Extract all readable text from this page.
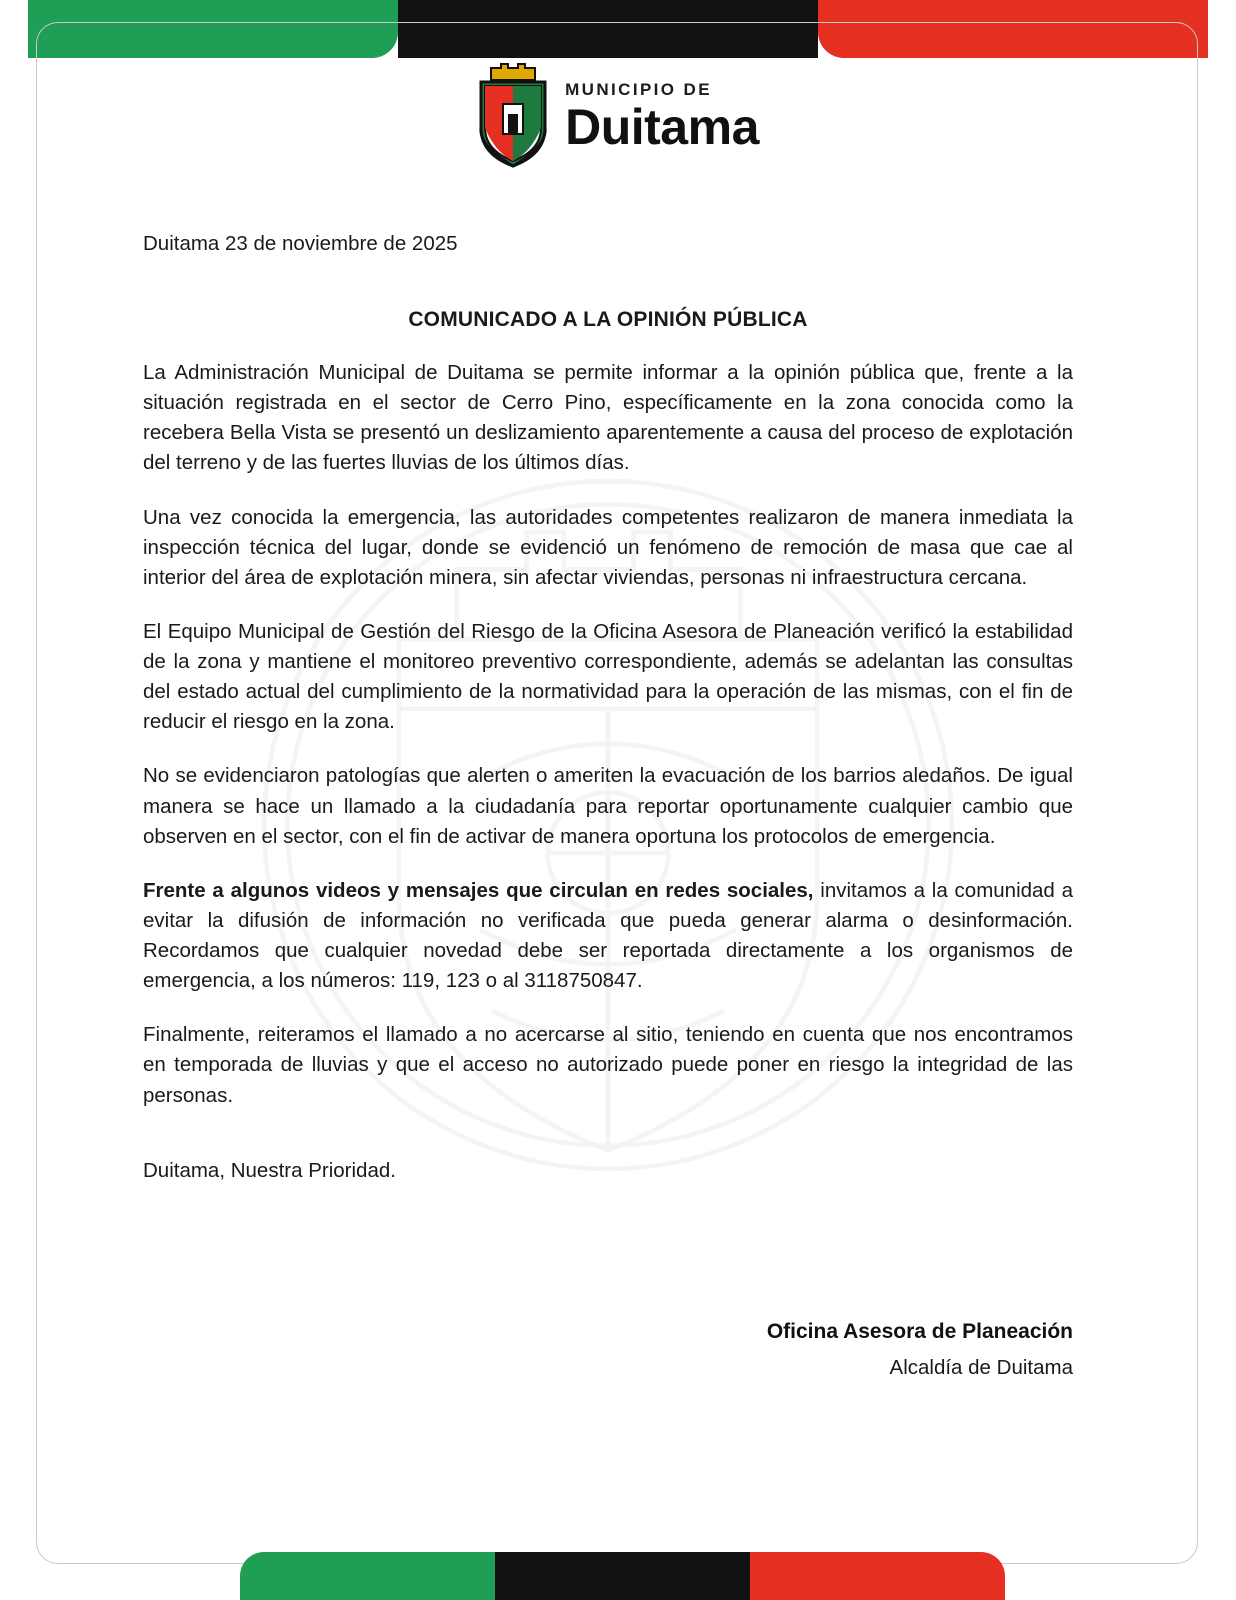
MUNICIPIO DE
Duitama
Duitama 23 de noviembre de 2025
COMUNICADO A LA OPINIÓN PÚBLICA

La Administración Municipal de Duitama se permite informar a la opinión pública que, frente a la situación registrada en el sector de Cerro Pino, específicamente en la zona conocida como la recebera Bella Vista se presentó un deslizamiento aparentemente a causa del proceso de explotación del terreno y de las fuertes lluvias de los últimos días.

Una vez conocida la emergencia, las autoridades competentes realizaron de manera inmediata la inspección técnica del lugar, donde se evidenció un fenómeno de remoción de masa que cae al interior del área de explotación minera, sin afectar viviendas, personas ni infraestructura cercana.

El Equipo Municipal de Gestión del Riesgo de la Oficina Asesora de Planeación verificó la estabilidad de la zona y mantiene el monitoreo preventivo correspondiente, además se adelantan las consultas del estado actual del cumplimiento de la normatividad para la operación de las mismas, con el fin de reducir el riesgo en la zona.

No se evidenciaron patologías que alerten o ameriten la evacuación de los barrios aledaños. De igual manera se hace un llamado a la ciudadanía para reportar oportunamente cualquier cambio que observen en el sector, con el fin de activar de manera oportuna los protocolos de emergencia.

Frente a algunos videos y mensajes que circulan en redes sociales, invitamos a la comunidad a evitar la difusión de información no verificada que pueda generar alarma o desinformación. Recordamos que cualquier novedad debe ser reportada directamente a los organismos de emergencia, a los números: 119, 123 o al 3118750847.

Finalmente, reiteramos el llamado a no acercarse al sitio, teniendo en cuenta que nos encontramos en temporada de lluvias y que el acceso no autorizado puede poner en riesgo la integridad de las personas.

Duitama, Nuestra Prioridad.
Oficina Asesora de Planeación
Alcaldía de Duitama
